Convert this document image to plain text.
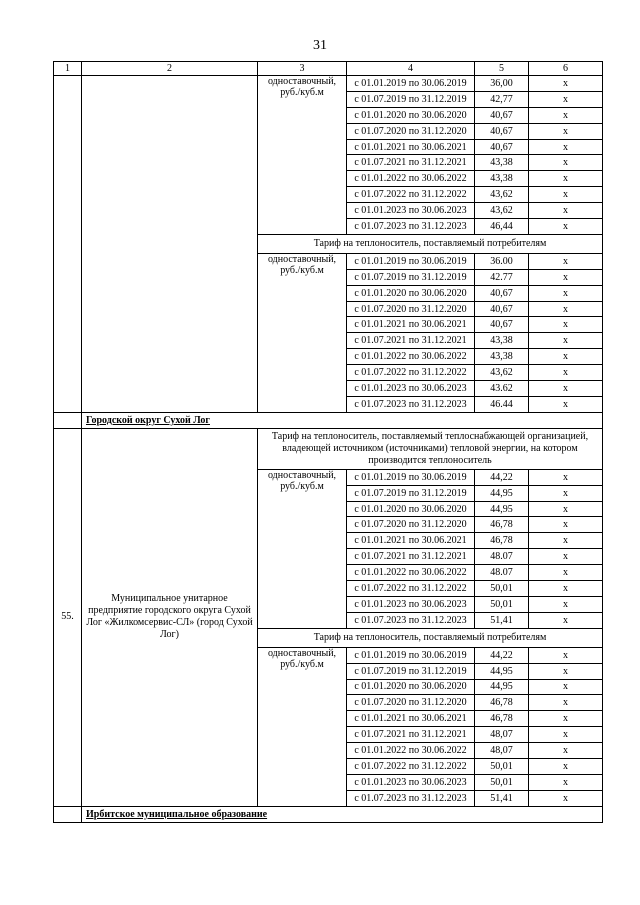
31
1	2	3	4	5	6
		одноставочный, руб./куб.м	с 01.01.2019 по 30.06.2019	36,00	х
			с 01.07.2019 по 31.12.2019	42,77	х
			с 01.01.2020 по 30.06.2020	40,67	х
			с 01.07.2020 по 31.12.2020	40,67	х
			с 01.01.2021 по 30.06.2021	40,67	х
			с 01.07.2021 по 31.12.2021	43,38	х
			с 01.01.2022 по 30.06.2022	43,38	х
			с 01.07.2022 по 31.12.2022	43,62	х
			с 01.01.2023 по 30.06.2023	43,62	х
			с 01.07.2023 по 31.12.2023	46,44	х
		Тариф на теплоноситель, поставляемый потребителям			
		одноставочный, руб./куб.м	с 01.01.2019 по 30.06.2019	36.00	х
			с 01.07.2019 по 31.12.2019	42.77	х
			с 01.01.2020 по 30.06.2020	40,67	х
			с 01.07.2020 по 31.12.2020	40,67	х
			с 01.01.2021 по 30.06.2021	40,67	х
			с 01.07.2021 по 31.12.2021	43,38	х
			с 01.01.2022 по 30.06.2022	43,38	х
			с 01.07.2022 по 31.12.2022	43,62	х
			с 01.01.2023 по 30.06.2023	43.62	х
			с 01.07.2023 по 31.12.2023	46.44	х
	Городской округ Сухой Лог				
55.	Муниципальное унитарное предприятие городского округа Сухой Лог «Жилкомсервис-СЛ» (город Сухой Лог)	Тариф на теплоноситель, поставляемый теплоснабжающей организацией, владеющей источником (источниками) тепловой энергии, на котором производится теплоноситель			
		одноставочный, руб./куб.м	с 01.01.2019 по 30.06.2019	44,22	х
			с 01.07.2019 по 31.12.2019	44,95	х
			с 01.01.2020 по 30.06.2020	44,95	х
			с 01.07.2020 по 31.12.2020	46,78	х
			с 01.01.2021 по 30.06.2021	46,78	х
			с 01.07.2021 по 31.12.2021	48.07	х
			с 01.01.2022 по 30.06.2022	48.07	х
			с 01.07.2022 по 31.12.2022	50,01	х
			с 01.01.2023 по 30.06.2023	50,01	х
			с 01.07.2023 по 31.12.2023	51,41	х
		Тариф на теплоноситель, поставляемый потребителям			
		одноставочный, руб./куб.м	с 01.01.2019 по 30.06.2019	44,22	х
			с 01.07.2019 по 31.12.2019	44,95	х
			с 01.01.2020 по 30.06.2020	44,95	х
			с 01.07.2020 по 31.12.2020	46,78	х
			с 01.01.2021 по 30.06.2021	46,78	х
			с 01.07.2021 по 31.12.2021	48,07	х
			с 01.01.2022 по 30.06.2022	48,07	х
			с 01.07.2022 по 31.12.2022	50,01	х
			с 01.01.2023 по 30.06.2023	50,01	х
			с 01.07.2023 по 31.12.2023	51,41	х
	Ирбитское муниципальное образование				
